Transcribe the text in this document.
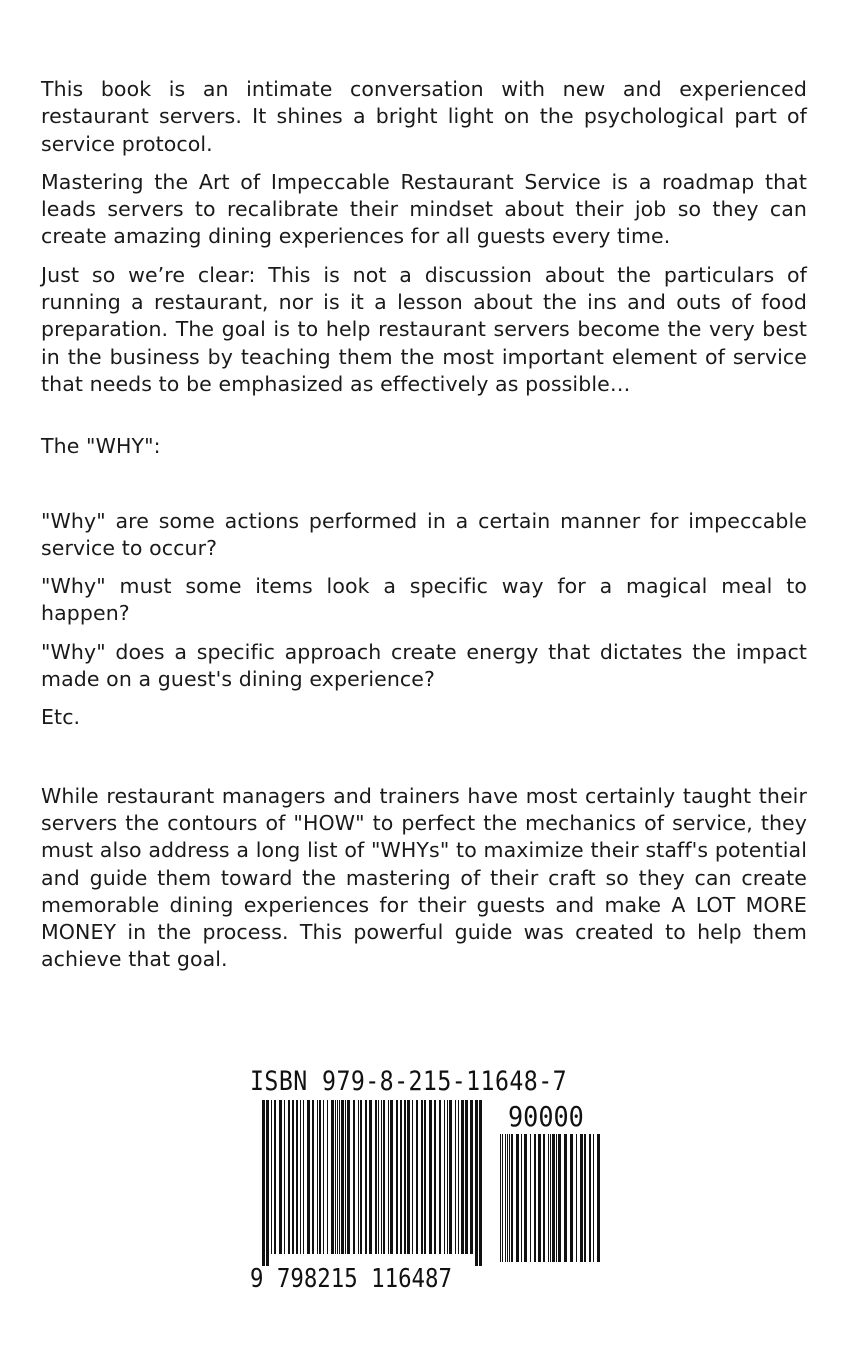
This book is an intimate conversation with new and experienced restaurant servers. It shines a bright light on the psychological part of service protocol.

Mastering the Art of Impeccable Restaurant Service is a roadmap that leads servers to recalibrate their mindset about their job so they can create amazing dining experiences for all guests every time.

Just so we’re clear: This is not a discussion about the particulars of running a restaurant, nor is it a lesson about the ins and outs of food preparation. The goal is to help restaurant servers become the very best in the business by teaching them the most important element of service that needs to be emphasized as effectively as possible…

The "WHY":

"Why" are some actions performed in a certain manner for impeccable service to occur?

"Why" must some items look a specific way for a magical meal to happen?

"Why" does a specific approach create energy that dictates the impact made on a guest's dining experience?

Etc.

While restaurant managers and trainers have most certainly taught their servers the contours of "HOW" to perfect the mechanics of service, they must also address a long list of "WHYs" to maximize their staff's potential and guide them toward the mastering of their craft so they can create memorable dining experiences for their guests and make A LOT MORE MONEY in the process. This powerful guide was created to help them achieve that goal.

ISBN 979-8-215-11648-7
90000
9 798215 116487
